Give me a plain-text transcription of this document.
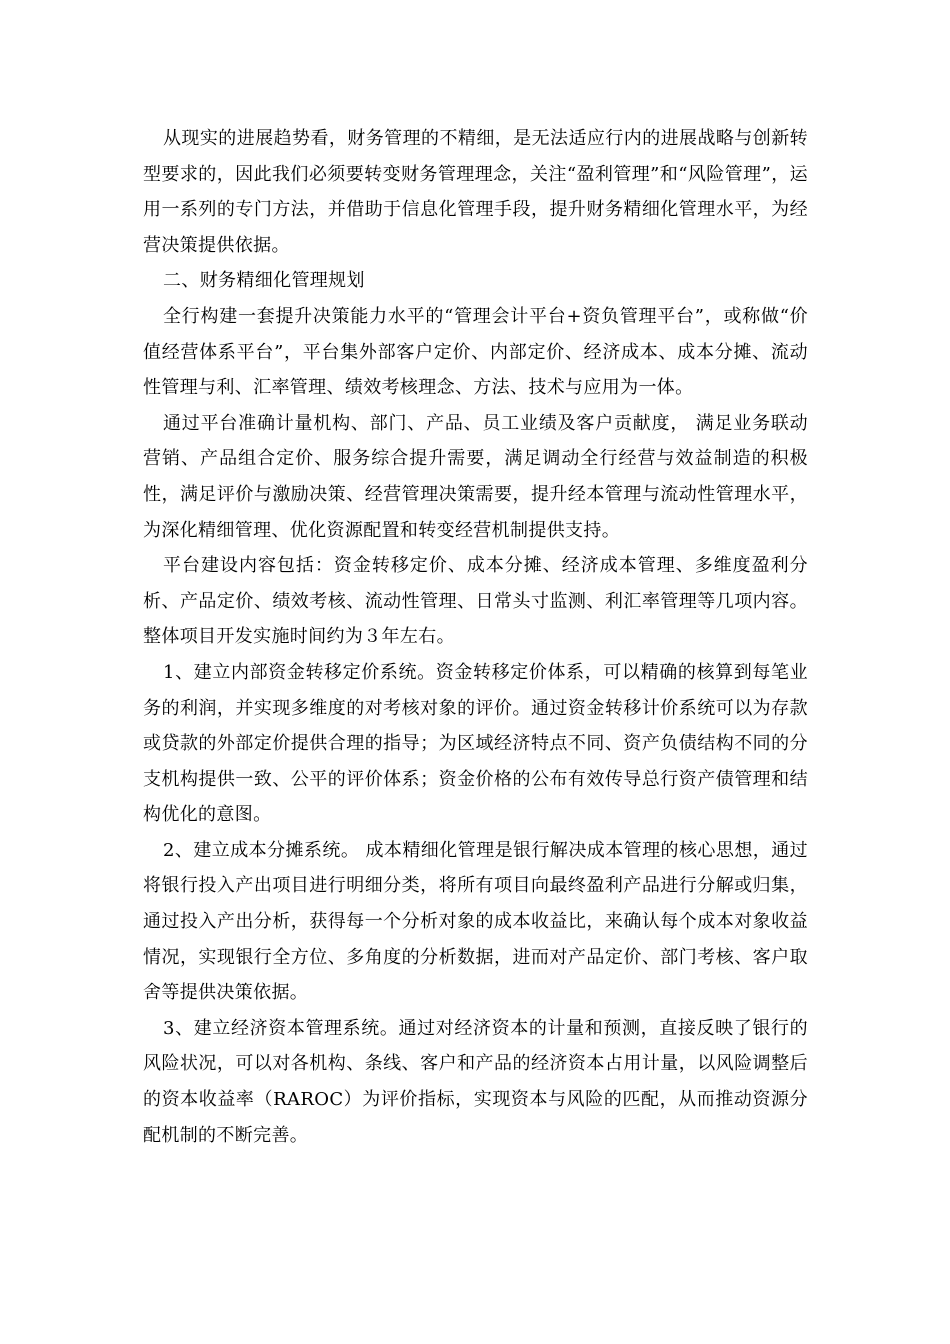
从现实的进展趋势看，财务管理的不精细，是无法适应行内的进展战略与创新转型要求的，因此我们必须要转变财务管理理念，关注“盈利管理”和“风险管理”，运用一系列的专门方法，并借助于信息化管理手段，提升财务精细化管理水平，为经营决策提供依据。

二、财务精细化管理规划

全行构建一套提升决策能力水平的“管理会计平台+资负管理平台”，或称做“价值经营体系平台”，平台集外部客户定价、内部定价、经济成本、成本分摊、流动性管理与利、汇率管理、绩效考核理念、方法、技术与应用为一体。

通过平台准确计量机构、部门、产品、员工业绩及客户贡献度， 满足业务联动营销、产品组合定价、服务综合提升需要，满足调动全行经营与效益制造的积极性，满足评价与激励决策、经营管理决策需要，提升经本管理与流动性管理水平，为深化精细管理、优化资源配置和转变经营机制提供支持。

平台建设内容包括：资金转移定价、成本分摊、经济成本管理、多维度盈利分析、产品定价、绩效考核、流动性管理、日常头寸监测、利汇率管理等几项内容。整体项目开发实施时间约为３年左右。

1、建立内部资金转移定价系统。资金转移定价体系，可以精确的核算到每笔业务的利润，并实现多维度的对考核对象的评价。通过资金转移计价系统可以为存款或贷款的外部定价提供合理的指导；为区域经济特点不同、资产负债结构不同的分支机构提供一致、公平的评价体系；资金价格的公布有效传导总行资产债管理和结构优化的意图。

2、建立成本分摊系统。 成本精细化管理是银行解决成本管理的核心思想，通过将银行投入产出项目进行明细分类，将所有项目向最终盈利产品进行分解或归集，通过投入产出分析，获得每一个分析对象的成本收益比，来确认每个成本对象收益情况，实现银行全方位、多角度的分析数据，进而对产品定价、部门考核、客户取舍等提供决策依据。

3、建立经济资本管理系统。通过对经济资本的计量和预测，直接反映了银行的风险状况，可以对各机构、条线、客户和产品的经济资本占用计量，以风险调整后的资本收益率（RAROC）为评价指标，实现资本与风险的匹配，从而推动资源分配机制的不断完善。
